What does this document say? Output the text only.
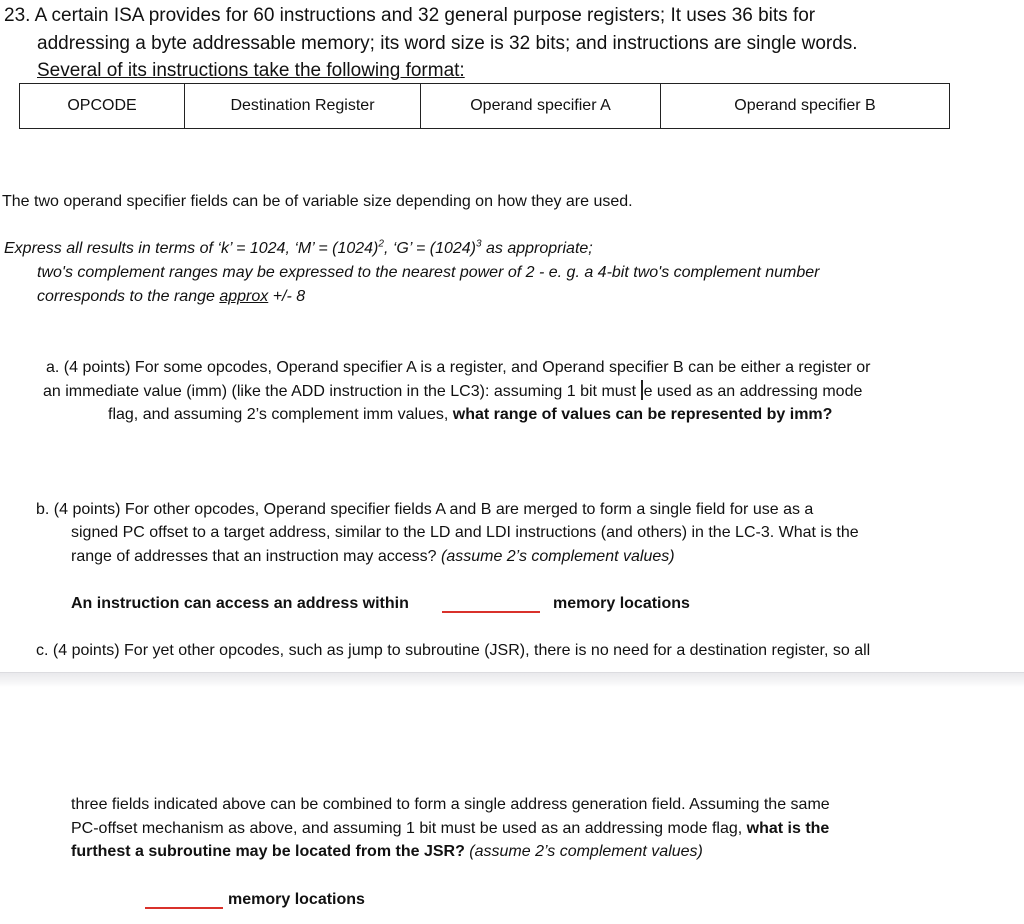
23. A certain ISA provides for 60 instructions and 32 general purpose registers; It uses 36 bits for
addressing a byte addressable memory; its word size is 32 bits; and instructions are single words.
Several of its instructions take the following format:
OPCODE	Destination Register	Operand specifier A	Operand specifier B
The two operand specifier fields can be of variable size depending on how they are used.
Express all results in terms of ‘k’ = 1024, ‘M’ = $(1024)^2$, ‘G’ = $(1024)^3$ as appropriate;
two's complement ranges may be expressed to the nearest power of 2 - e. g. a 4-bit two's complement number
corresponds to the range approx +/- 8
a. (4 points) For some opcodes, Operand specifier A is a register, and Operand specifier B can be either a register or
an immediate value (imm) (like the ADD instruction in the LC3): assuming 1 bit must e used as an addressing mode
flag, and assuming 2’s complement imm values, what range of values can be represented by imm?
b. (4 points) For other opcodes, Operand specifier fields A and B are merged to form a single field for use as a
signed PC offset to a target address, similar to the LD and LDI instructions (and others) in the LC-3. What is the
range of addresses that an instruction may access? (assume 2’s complement values)
An instruction can access an address within	memory locations
c. (4 points) For yet other opcodes, such as jump to subroutine (JSR), there is no need for a destination register, so all
three fields indicated above can be combined to form a single address generation field. Assuming the same
PC-offset mechanism as above, and assuming 1 bit must be used as an addressing mode flag, what is the
furthest a subroutine may be located from the JSR? (assume 2’s complement values)
memory locations
